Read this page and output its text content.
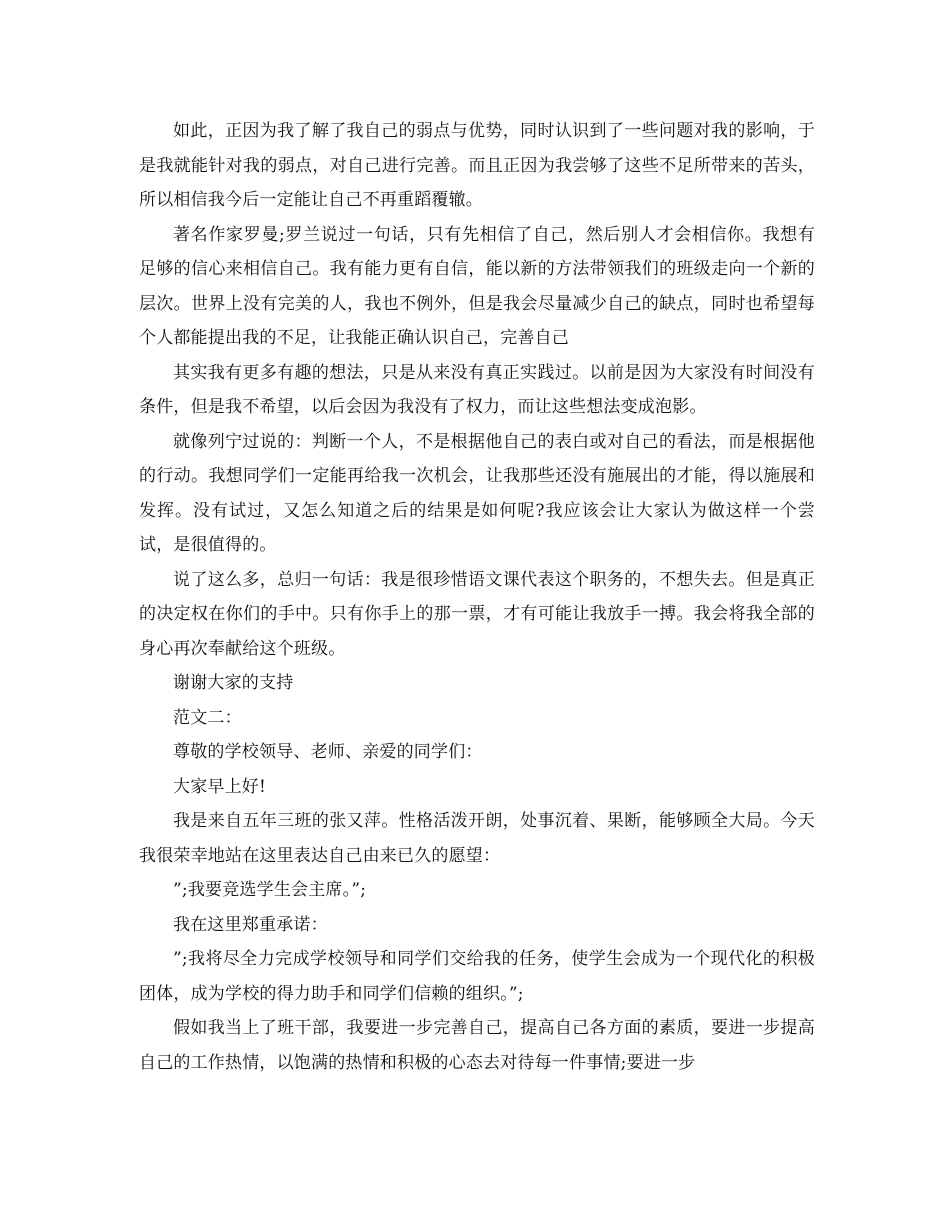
如此，正因为我了解了我自己的弱点与优势，同时认识到了一些问题对我的影响，于是我就能针对我的弱点，对自己进行完善。而且正因为我尝够了这些不足所带来的苦头，所以相信我今后一定能让自己不再重蹈覆辙。

著名作家罗曼;罗兰说过一句话，只有先相信了自己，然后别人才会相信你。我想有足够的信心来相信自己。我有能力更有自信，能以新的方法带领我们的班级走向一个新的层次。世界上没有完美的人，我也不例外，但是我会尽量减少自己的缺点，同时也希望每个人都能提出我的不足，让我能正确认识自己，完善自己

其实我有更多有趣的想法，只是从来没有真正实践过。以前是因为大家没有时间没有条件，但是我不希望，以后会因为我没有了权力，而让这些想法变成泡影。

就像列宁过说的：判断一个人，不是根据他自己的表白或对自己的看法，而是根据他的行动。我想同学们一定能再给我一次机会，让我那些还没有施展出的才能，得以施展和发挥。没有试过，又怎么知道之后的结果是如何呢?我应该会让大家认为做这样一个尝试，是很值得的。

说了这么多，总归一句话：我是很珍惜语文课代表这个职务的，不想失去。但是真正的决定权在你们的手中。只有你手上的那一票，才有可能让我放手一搏。我会将我全部的身心再次奉献给这个班级。

谢谢大家的支持

范文二：

尊敬的学校领导、老师、亲爱的同学们：

大家早上好!

我是来自五年三班的张又萍。性格活泼开朗，处事沉着、果断，能够顾全大局。今天我很荣幸地站在这里表达自己由来已久的愿望：

”;我要竞选学生会主席。”;

我在这里郑重承诺：

”;我将尽全力完成学校领导和同学们交给我的任务，使学生会成为一个现代化的积极团体，成为学校的得力助手和同学们信赖的组织。”;

假如我当上了班干部，我要进一步完善自己，提高自己各方面的素质，要进一步提高自己的工作热情，以饱满的热情和积极的心态去对待每一件事情;要进一步
